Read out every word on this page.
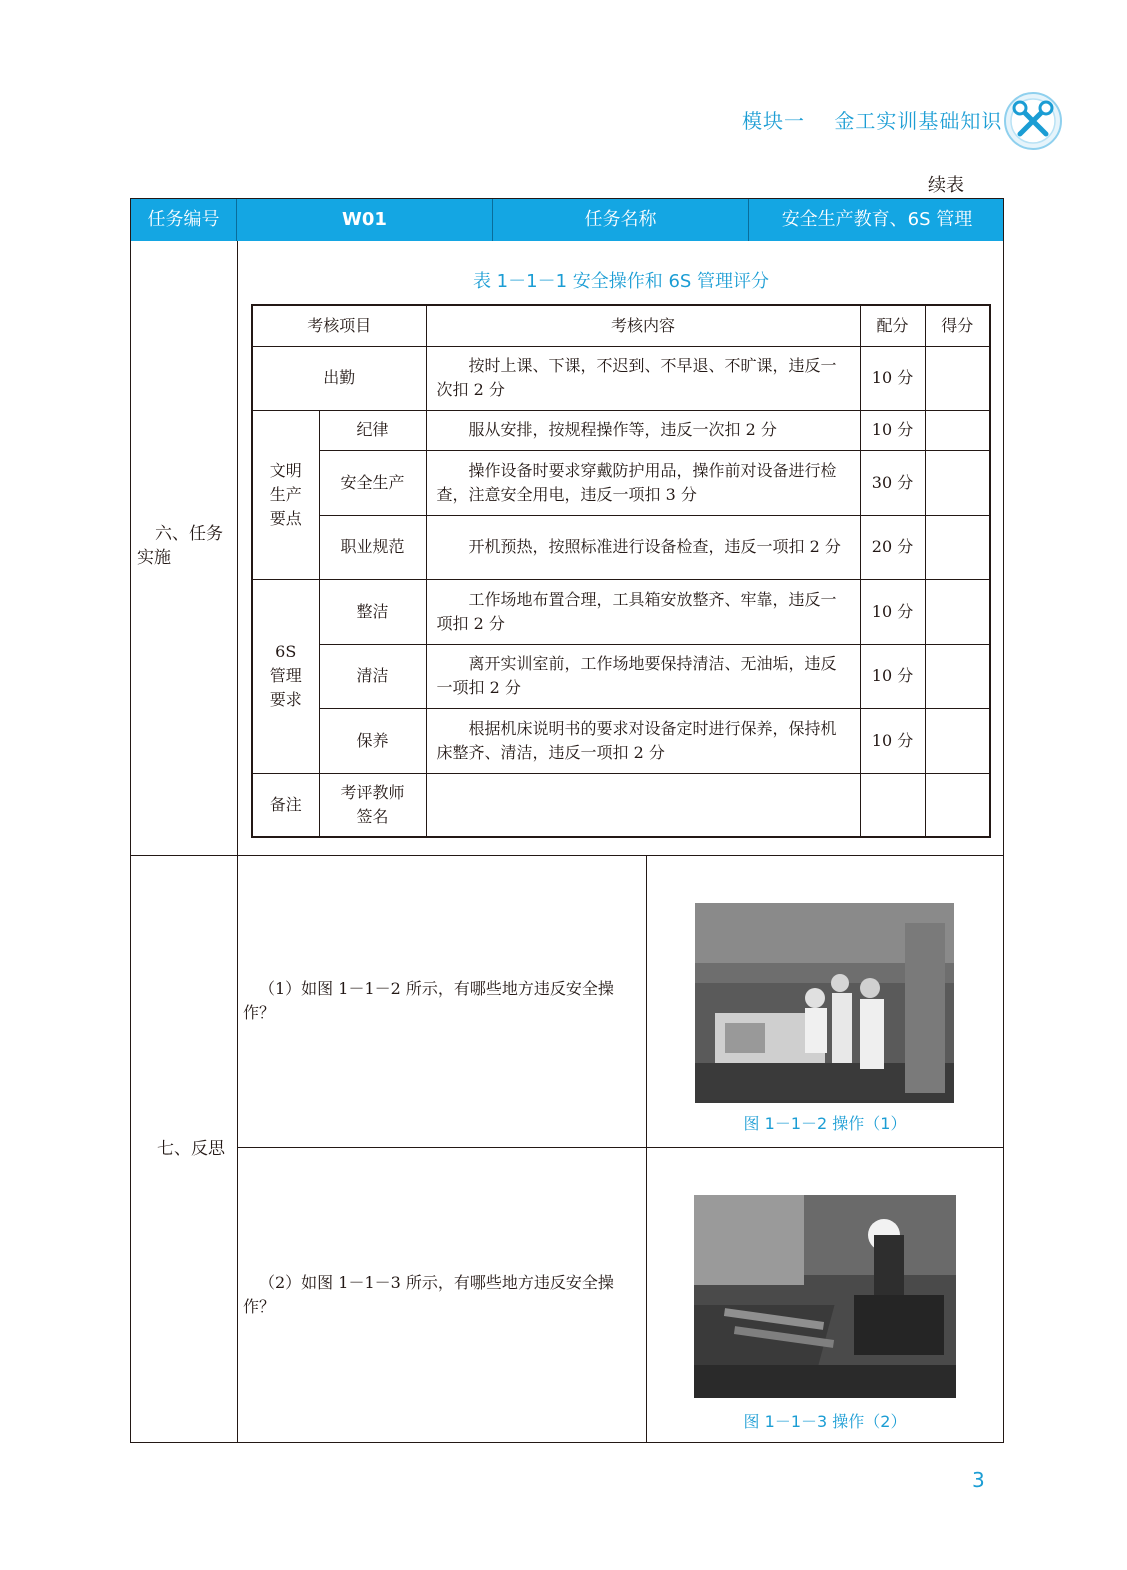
模块一    金工实训基础知识
续表
任务编号	W01	任务名称	安全生产教育、6S 管理
六、任务
实施
表 1－1－1 安全操作和 6S 管理评分
考核项目		考核内容	配分	得分
出勤		按时上课、下课，不迟到、不早退、不旷课，违反一次扣 2 分	10 分	

文明
生产
要点	纪律	服从安排，按规程操作等，违反一次扣 2 分	10 分	
	安全生产	操作设备时要求穿戴防护用品，操作前对设备进行检查，注意安全用电，违反一项扣 3 分	30 分	
	职业规范	开机预热，按照标准进行设备检查，违反一项扣 2 分	20 分	

6S
管理
要求	整洁	工作场地布置合理，工具箱安放整齐、牢靠，违反一项扣 2 分	10 分	
	清洁	离开实训室前，工作场地要保持清洁、无油垢，违反一项扣 2 分	10 分	
	保养	根据机床说明书的要求对设备定时进行保养，保持机床整齐、清洁，违反一项扣 2 分	10 分	
备注	考评教师
签名			

七、反思
（1）如图 1－1－2 所示，有哪些地方违反安全操作？
图 1－1－2 操作（1）
（2）如图 1－1－3 所示，有哪些地方违反安全操作？
图 1－1－3 操作（2）
3
